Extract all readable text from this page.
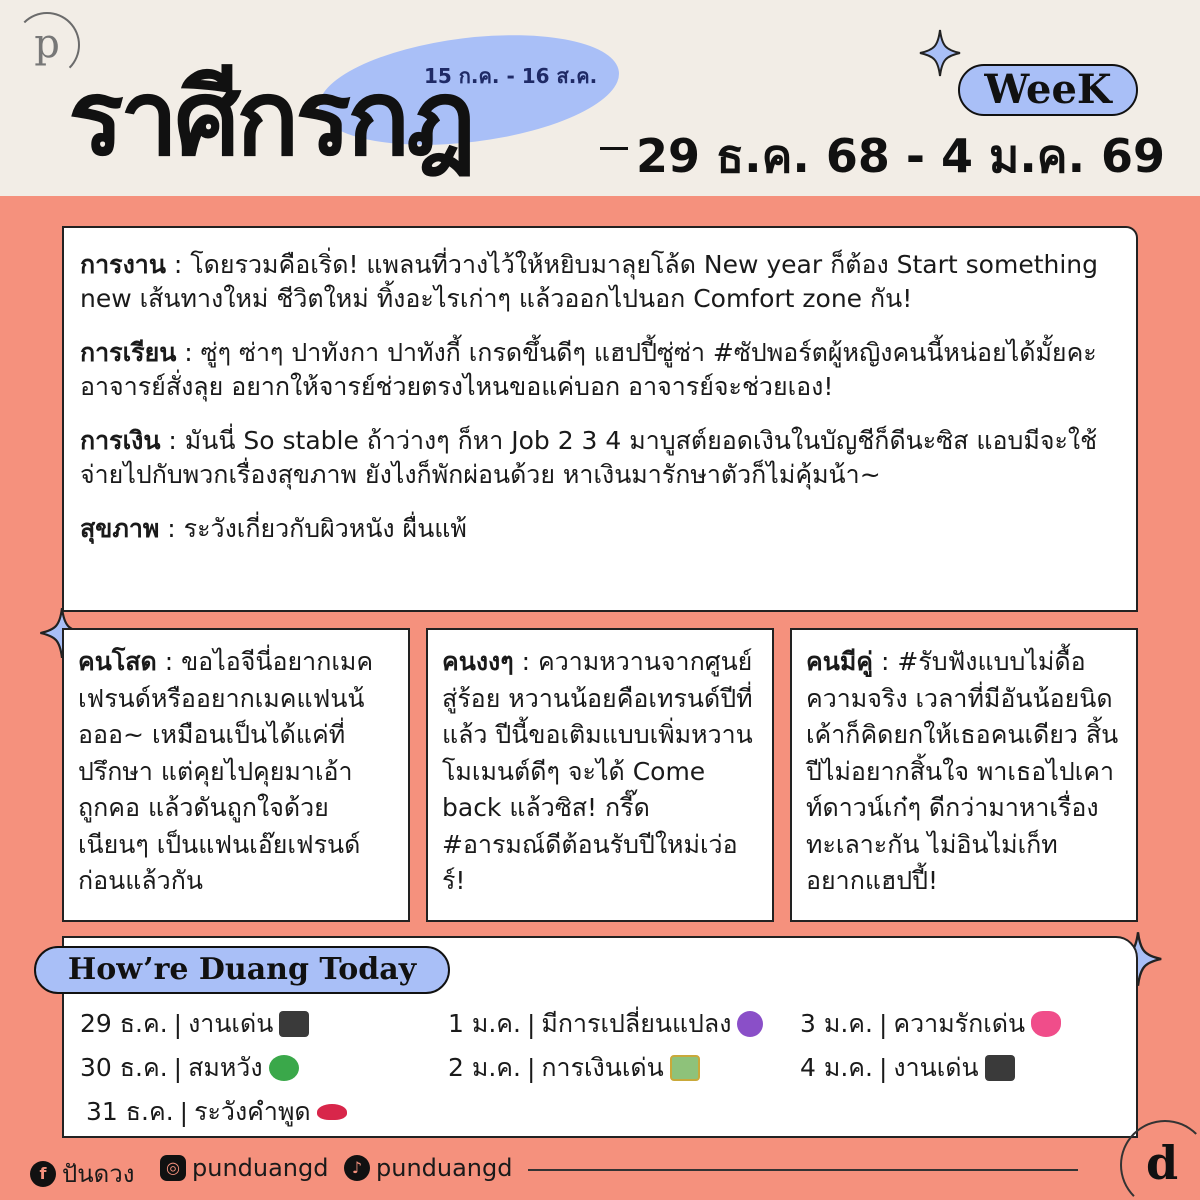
p
15 ก.ค. - 16 ส.ค.
ราศีกรกฎ	29 ธ.ค. 68 - 4 ม.ค. 69
WeeK

การงาน : โดยรวมคือเริ่ด! แพลนที่วางไว้ให้หยิบมาลุยโล้ด New year ก็ต้อง Start something new เส้นทางใหม่ ชีวิตใหม่ ทิ้งอะไรเก่าๆ แล้วออกไปนอก Comfort zone กัน!

การเรียน : ซู่ๆ ซ่าๆ ปาทังกา ปาทังกี้ เกรดขึ้นดีๆ แฮปปี้ซู่ซ่า #ซัปพอร์ตผู้หญิงคนนี้หน่อยได้มั้ยคะ อาจารย์สั่งลุย อยากให้จารย์ช่วยตรงไหนขอแค่บอก อาจารย์จะช่วยเอง!

การเงิน : มันนี่ So stable ถ้าว่างๆ ก็หา Job 2 3 4 มาบูสต์ยอดเงินในบัญชีก็ดีนะซิส แอบมีจะใช้จ่ายไปกับพวกเรื่องสุขภาพ ยังไงก็พักผ่อนด้วย หาเงินมารักษาตัวก็ไม่คุ้มน้า~

สุขภาพ : ระวังเกี่ยวกับผิวหนัง ผื่นแพ้

คนโสด : ขอไอจีนี่อยากเมคเฟรนด์หรืออยากเมคแฟนน้อออ~ เหมือนเป็นได้แค่ที่ปรึกษา แต่คุยไปคุยมาเอ้า ถูกคอ แล้วดันถูกใจด้วย เนียนๆ เป็นแฟนเอ๊ยเฟรนด์ก่อนแล้วกัน

คนงงๆ : ความหวานจากศูนย์สู่ร้อย หวานน้อยคือเทรนด์ปีที่แล้ว ปีนี้ขอเติมแบบเพิ่มหวาน โมเมนต์ดีๆ จะได้ Come back แล้วซิส! กรี๊ด #อารมณ์ดีต้อนรับปีใหม่เว่อร์!

คนมีคู่ : #รับฟังแบบไม่ดื้อ ความจริง เวลาที่มีอันน้อยนิด เค้าก็คิดยกให้เธอคนเดียว สิ้นปีไม่อยากสิ้นใจ พาเธอไปเคาท์ดาวน์เก๋ๆ ดีกว่ามาหาเรื่องทะเลาะกัน ไม่อินไม่เก็ท อยากแฮปปี้!

How’re Duang Today
29 ธ.ค. | งานเด่น
30 ธ.ค. | สมหวัง
31 ธ.ค. | ระวังคำพูด
1 ม.ค. | มีการเปลี่ยนแปลง
2 ม.ค. | การเงินเด่น
3 ม.ค. | ความรักเด่น
4 ม.ค. | งานเด่น
f ปันดวง	◎ punduangd	♪ punduangd	d
